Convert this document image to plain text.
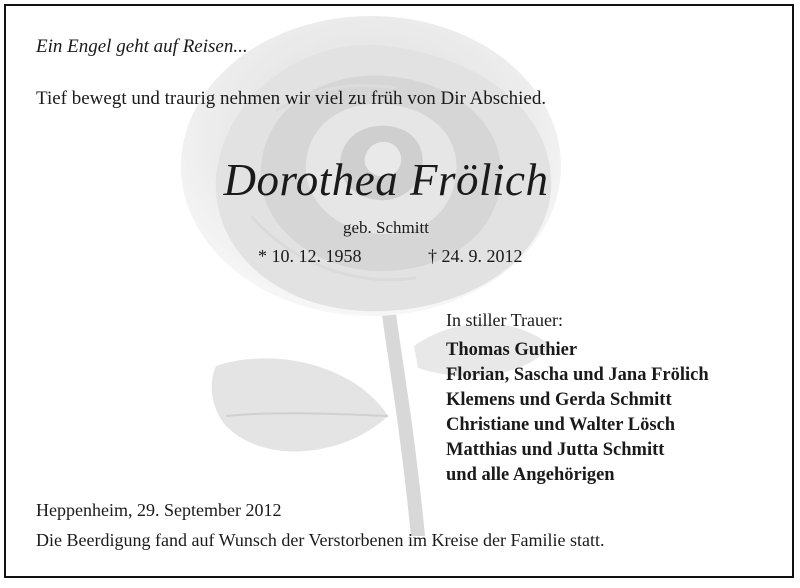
Ein Engel geht auf Reisen...
Tief bewegt und traurig nehmen wir viel zu früh von Dir Abschied.
Dorothea Frölich
geb. Schmitt
* 10. 12. 1958	† 24. 9. 2012
In stiller Trauer:
Thomas Guthier
Florian, Sascha und Jana Frölich
Klemens und Gerda Schmitt
Christiane und Walter Lösch
Matthias und Jutta Schmitt
und alle Angehörigen
Heppenheim, 29. September 2012
Die Beerdigung fand auf Wunsch der Verstorbenen im Kreise der Familie statt.
